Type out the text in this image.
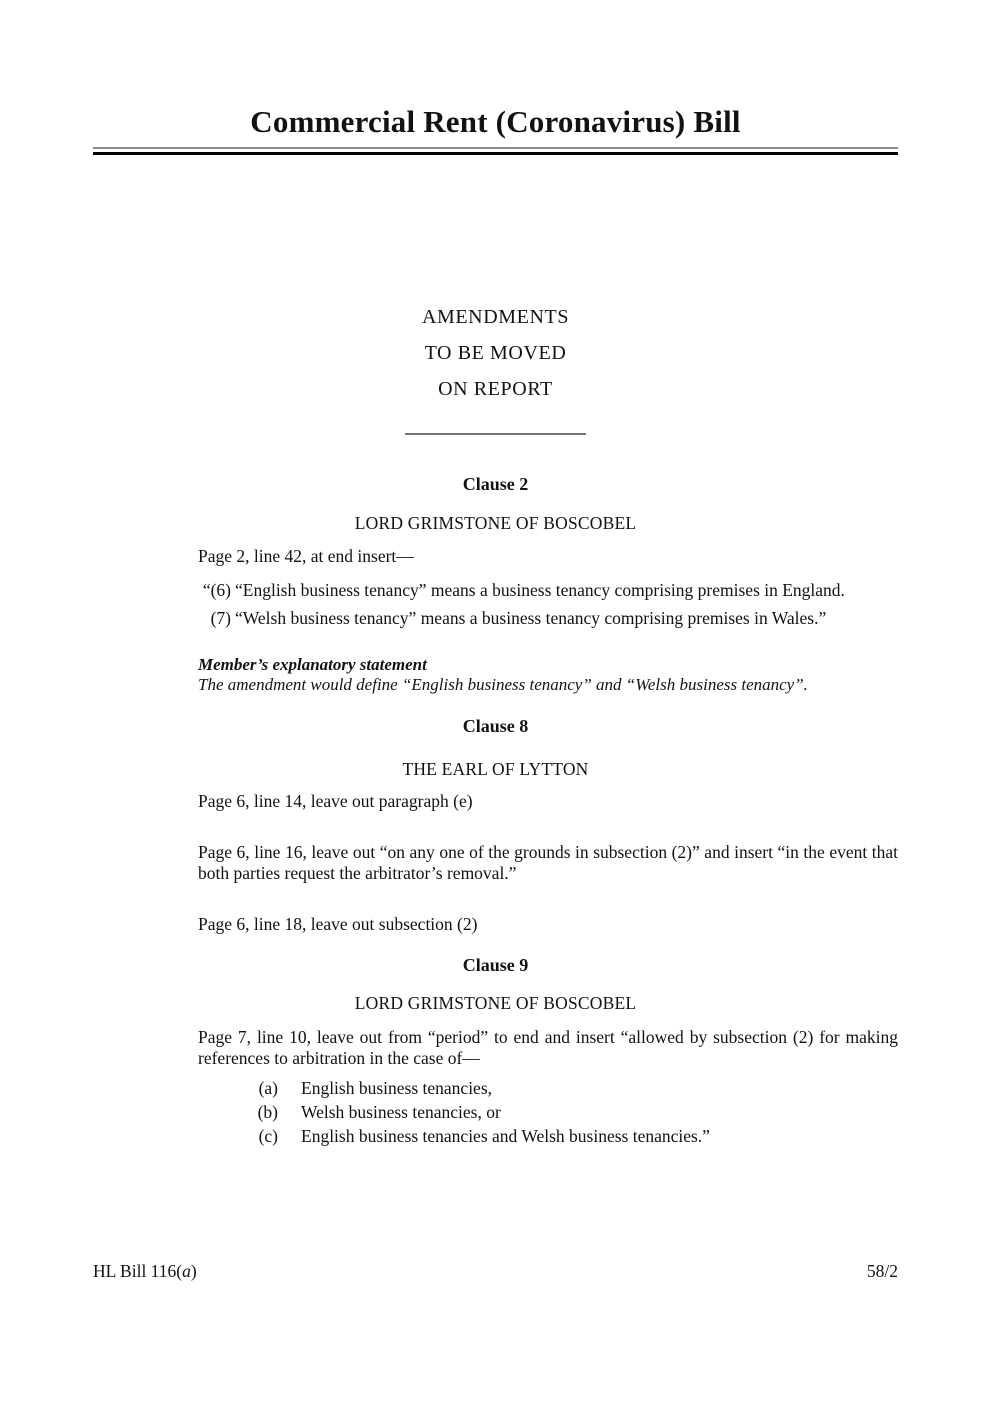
Commercial Rent (Coronavirus) Bill
AMENDMENTS
TO BE MOVED
ON REPORT
Clause 2
LORD GRIMSTONE OF BOSCOBEL

Page 2, line 42, at end insert—

“(6) “English business tenancy” means a business tenancy comprising premises in England.

(7) “Welsh business tenancy” means a business tenancy comprising premises in Wales.”

Member’s explanatory statement

The amendment would define “English business tenancy” and “Welsh business tenancy”.

Clause 8
THE EARL OF LYTTON

Page 6, line 14, leave out paragraph (e)

Page 6, line 16, leave out “on any one of the grounds in subsection (2)” and insert “in the event that both parties request the arbitrator’s removal.”

Page 6, line 18, leave out subsection (2)

Clause 9
LORD GRIMSTONE OF BOSCOBEL

Page 7, line 10, leave out from “period” to end and insert “allowed by subsection (2) for making references to arbitration in the case of—

(a) English business tenancies,

(b) Welsh business tenancies, or

(c) English business tenancies and Welsh business tenancies.”

HL Bill 116(a)	58/2
